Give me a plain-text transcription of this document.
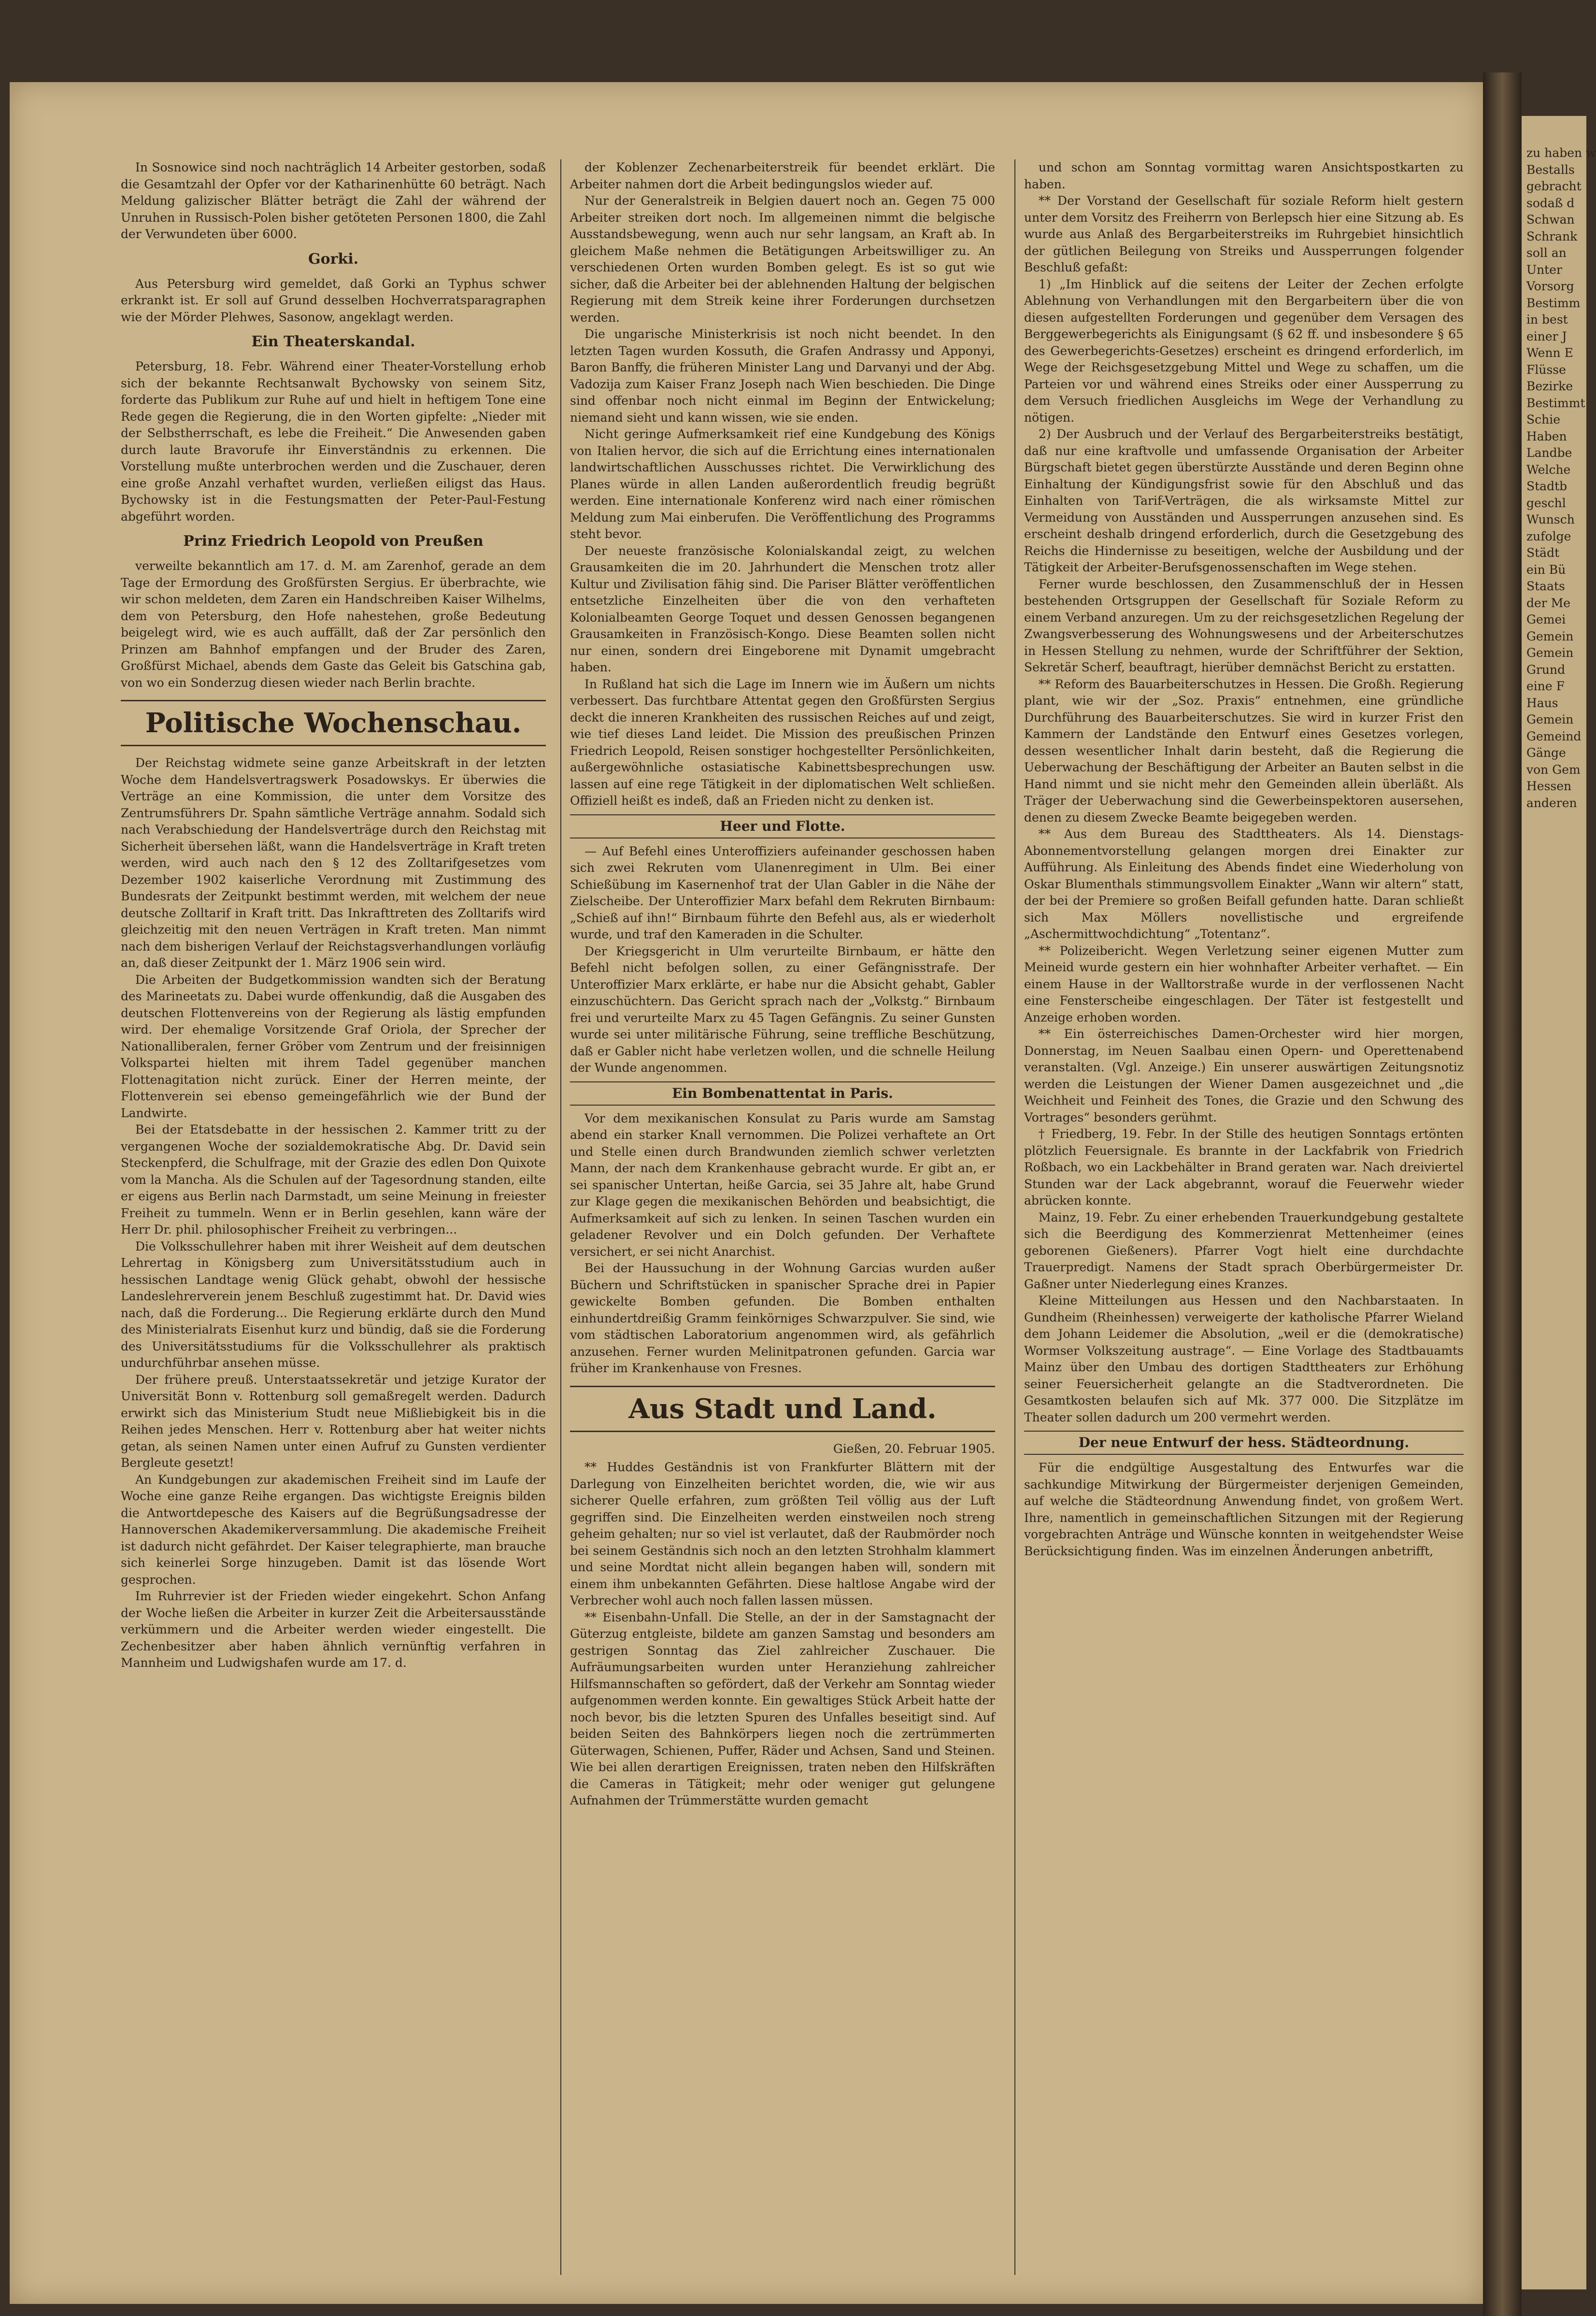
zu haben w

Bestalls

gebracht

sodaß d

Schwan

Schrank

soll an

Unter

Vorsorg

Bestimm

in best

einer J

Wenn E

Flüsse

Bezirke

Bestimmt

Schie

Haben

Landbe

Welche

Stadtb

geschl

Wunsch

zufolge

Städt

ein Bü

Staats

der Me

Gemei

Gemein

Gemein

Grund

eine F

Haus

Gemein

Gemeind

Gänge

von Gem

Hessen

anderen

In Sosnowice sind noch nachträglich 14 Arbeiter gestorben, sodaß die Gesamtzahl der Opfer vor der Katharinenhütte 60 beträgt. Nach Meldung galizischer Blätter beträgt die Zahl der während der Unruhen in Russisch-Polen bisher getöteten Personen 1800, die Zahl der Verwundeten über 6000.

Gorki.

Aus Petersburg wird gemeldet, daß Gorki an Typhus schwer erkrankt ist. Er soll auf Grund desselben Hochverratsparagraphen wie der Mörder Plehwes, Sasonow, angeklagt werden.

Ein Theaterskandal.

Petersburg, 18. Febr. Während einer Theater-Vorstellung erhob sich der bekannte Rechtsanwalt Bychowsky von seinem Sitz, forderte das Publikum zur Ruhe auf und hielt in heftigem Tone eine Rede gegen die Regierung, die in den Worten gipfelte: „Nieder mit der Selbstherrschaft, es lebe die Freiheit.“ Die Anwesenden gaben durch laute Bravorufe ihr Einverständnis zu erkennen. Die Vorstellung mußte unterbrochen werden und die Zuschauer, deren eine große Anzahl verhaftet wurden, verließen eiligst das Haus. Bychowsky ist in die Festungsmatten der Peter-Paul-Festung abgeführt worden.

Prinz Friedrich Leopold von Preußen

verweilte bekanntlich am 17. d. M. am Zarenhof, gerade an dem Tage der Ermordung des Großfürsten Sergius. Er überbrachte, wie wir schon meldeten, dem Zaren ein Handschreiben Kaiser Wilhelms, dem von Petersburg, den Hofe nahestehen, große Bedeutung beigelegt wird, wie es auch auffällt, daß der Zar persönlich den Prinzen am Bahnhof empfangen und der Bruder des Zaren, Großfürst Michael, abends dem Gaste das Geleit bis Gatschina gab, von wo ein Sonderzug diesen wieder nach Berlin brachte.

Politische Wochenschau.

Der Reichstag widmete seine ganze Arbeitskraft in der letzten Woche dem Handelsvertragswerk Posadowskys. Er überwies die Verträge an eine Kommission, die unter dem Vorsitze des Zentrumsführers Dr. Spahn sämtliche Verträge annahm. Sodald sich nach Verabschiedung der Handelsverträge durch den Reichstag mit Sicherheit übersehen läßt, wann die Handelsverträge in Kraft treten werden, wird auch nach den § 12 des Zolltarifgesetzes vom Dezember 1902 kaiserliche Verordnung mit Zustimmung des Bundesrats der Zeitpunkt bestimmt werden, mit welchem der neue deutsche Zolltarif in Kraft tritt. Das Inkrafttreten des Zolltarifs wird gleichzeitig mit den neuen Verträgen in Kraft treten. Man nimmt nach dem bisherigen Verlauf der Reichstagsverhandlungen vorläufig an, daß dieser Zeitpunkt der 1. März 1906 sein wird.

Die Arbeiten der Budgetkommission wandten sich der Beratung des Marineetats zu. Dabei wurde offenkundig, daß die Ausgaben des deutschen Flottenvereins von der Regierung als lästig empfunden wird. Der ehemalige Vorsitzende Graf Oriola, der Sprecher der Nationalliberalen, ferner Gröber vom Zentrum und der freisinnigen Volkspartei hielten mit ihrem Tadel gegenüber manchen Flottenagitation nicht zurück. Einer der Herren meinte, der Flottenverein sei ebenso gemeingefährlich wie der Bund der Landwirte.

Bei der Etatsdebatte in der hessischen 2. Kammer tritt zu der vergangenen Woche der sozialdemokratische Abg. Dr. David sein Steckenpferd, die Schulfrage, mit der Grazie des edlen Don Quixote vom la Mancha. Als die Schulen auf der Tagesordnung standen, eilte er eigens aus Berlin nach Darmstadt, um seine Meinung in freiester Freiheit zu tummeln. Wenn er in Berlin gesehlen, kann wäre der Herr Dr. phil. philosophischer Freiheit zu verbringen...

Die Volksschullehrer haben mit ihrer Weisheit auf dem deutschen Lehrertag in Königsberg zum Universitätsstudium auch in hessischen Landtage wenig Glück gehabt, obwohl der hessische Landeslehrerverein jenem Beschluß zugestimmt hat. Dr. David wies nach, daß die Forderung... Die Regierung erklärte durch den Mund des Ministerialrats Eisenhut kurz und bündig, daß sie die Forderung des Universitätsstudiums für die Volksschullehrer als praktisch undurchführbar ansehen müsse.

Der frühere preuß. Unterstaatssekretär und jetzige Kurator der Universität Bonn v. Rottenburg soll gemaßregelt werden. Dadurch erwirkt sich das Ministerium Studt neue Mißliebigkeit bis in die Reihen jedes Menschen. Herr v. Rottenburg aber hat weiter nichts getan, als seinen Namen unter einen Aufruf zu Gunsten verdienter Bergleute gesetzt!

An Kundgebungen zur akademischen Freiheit sind im Laufe der Woche eine ganze Reihe ergangen. Das wichtigste Ereignis bilden die Antwortdepesche des Kaisers auf die Begrüßungsadresse der Hannoverschen Akademikerversammlung. Die akademische Freiheit ist dadurch nicht gefährdet. Der Kaiser telegraphierte, man brauche sich keinerlei Sorge hinzugeben. Damit ist das lösende Wort gesprochen.

Im Ruhrrevier ist der Frieden wieder eingekehrt. Schon Anfang der Woche ließen die Arbeiter in kurzer Zeit die Arbeitersausstände verkümmern und die Arbeiter werden wieder eingestellt. Die Zechenbesitzer aber haben ähnlich vernünftig verfahren in Mannheim und Ludwigshafen wurde am 17. d.

der Koblenzer Zechenarbeiterstreik für beendet erklärt. Die Arbeiter nahmen dort die Arbeit bedingungslos wieder auf.

Nur der Generalstreik in Belgien dauert noch an. Gegen 75 000 Arbeiter streiken dort noch. Im allgemeinen nimmt die belgische Ausstandsbewegung, wenn auch nur sehr langsam, an Kraft ab. In gleichem Maße nehmen die Betätigungen Arbeitswilliger zu. An verschiedenen Orten wurden Bomben gelegt. Es ist so gut wie sicher, daß die Arbeiter bei der ablehnenden Haltung der belgischen Regierung mit dem Streik keine ihrer Forderungen durchsetzen werden.

Die ungarische Ministerkrisis ist noch nicht beendet. In den letzten Tagen wurden Kossuth, die Grafen Andrassy und Apponyi, Baron Banffy, die früheren Minister Lang und Darvanyi und der Abg. Vadozija zum Kaiser Franz Joseph nach Wien beschieden. Die Dinge sind offenbar noch nicht einmal im Beginn der Entwickelung; niemand sieht und kann wissen, wie sie enden.

Nicht geringe Aufmerksamkeit rief eine Kundgebung des Königs von Italien hervor, die sich auf die Errichtung eines internationalen landwirtschaftlichen Ausschusses richtet. Die Verwirklichung des Planes würde in allen Landen außerordentlich freudig begrüßt werden. Eine internationale Konferenz wird nach einer römischen Meldung zum Mai einberufen. Die Veröffentlichung des Programms steht bevor.

Der neueste französische Kolonialskandal zeigt, zu welchen Grausamkeiten die im 20. Jahrhundert die Menschen trotz aller Kultur und Zivilisation fähig sind. Die Pariser Blätter veröffentlichen entsetzliche Einzelheiten über die von den verhafteten Kolonialbeamten George Toquet und dessen Genossen begangenen Grausamkeiten in Französisch-Kongo. Diese Beamten sollen nicht nur einen, sondern drei Eingeborene mit Dynamit umgebracht haben.

In Rußland hat sich die Lage im Innern wie im Äußern um nichts verbessert. Das furchtbare Attentat gegen den Großfürsten Sergius deckt die inneren Krankheiten des russischen Reiches auf und zeigt, wie tief dieses Land leidet. Die Mission des preußischen Prinzen Friedrich Leopold, Reisen sonstiger hochgestellter Persönlichkeiten, außergewöhnliche ostasiatische Kabinettsbesprechungen usw. lassen auf eine rege Tätigkeit in der diplomatischen Welt schließen. Offiziell heißt es indeß, daß an Frieden nicht zu denken ist.

Heer und Flotte.

— Auf Befehl eines Unteroffiziers aufeinander geschossen haben sich zwei Rekruten vom Ulanenregiment in Ulm. Bei einer Schießübung im Kasernenhof trat der Ulan Gabler in die Nähe der Zielscheibe. Der Unteroffizier Marx befahl dem Rekruten Birnbaum: „Schieß auf ihn!“ Birnbaum führte den Befehl aus, als er wiederholt wurde, und traf den Kameraden in die Schulter.

Der Kriegsgericht in Ulm verurteilte Birnbaum, er hätte den Befehl nicht befolgen sollen, zu einer Gefängnisstrafe. Der Unteroffizier Marx erklärte, er habe nur die Absicht gehabt, Gabler einzuschüchtern. Das Gericht sprach nach der „Volkstg.“ Birnbaum frei und verurteilte Marx zu 45 Tagen Gefängnis. Zu seiner Gunsten wurde sei unter militärische Führung, seine treffliche Beschützung, daß er Gabler nicht habe verletzen wollen, und die schnelle Heilung der Wunde angenommen.

Ein Bombenattentat in Paris.

Vor dem mexikanischen Konsulat zu Paris wurde am Samstag abend ein starker Knall vernommen. Die Polizei verhaftete an Ort und Stelle einen durch Brandwunden ziemlich schwer verletzten Mann, der nach dem Krankenhause gebracht wurde. Er gibt an, er sei spanischer Untertan, heiße Garcia, sei 35 Jahre alt, habe Grund zur Klage gegen die mexikanischen Behörden und beabsichtigt, die Aufmerksamkeit auf sich zu lenken. In seinen Taschen wurden ein geladener Revolver und ein Dolch gefunden. Der Verhaftete versichert, er sei nicht Anarchist.

Bei der Haussuchung in der Wohnung Garcias wurden außer Büchern und Schriftstücken in spanischer Sprache drei in Papier gewickelte Bomben gefunden. Die Bomben enthalten einhundertdreißig Gramm feinkörniges Schwarzpulver. Sie sind, wie vom städtischen Laboratorium angenommen wird, als gefährlich anzusehen. Ferner wurden Melinitpatronen gefunden. Garcia war früher im Krankenhause von Fresnes.

Aus Stadt und Land.
Gießen, 20. Februar 1905.

** Huddes Geständnis ist von Frankfurter Blättern mit der Darlegung von Einzelheiten berichtet worden, die, wie wir aus sicherer Quelle erfahren, zum größten Teil völlig aus der Luft gegriffen sind. Die Einzelheiten werden einstweilen noch streng geheim gehalten; nur so viel ist verlautet, daß der Raubmörder noch bei seinem Geständnis sich noch an den letzten Strohhalm klammert und seine Mordtat nicht allein begangen haben will, sondern mit einem ihm unbekannten Gefährten. Diese haltlose Angabe wird der Verbrecher wohl auch noch fallen lassen müssen.

** Eisenbahn-Unfall. Die Stelle, an der in der Samstagnacht der Güterzug entgleiste, bildete am ganzen Samstag und besonders am gestrigen Sonntag das Ziel zahlreicher Zuschauer. Die Aufräumungsarbeiten wurden unter Heranziehung zahlreicher Hilfsmannschaften so gefördert, daß der Verkehr am Sonntag wieder aufgenommen werden konnte. Ein gewaltiges Stück Arbeit hatte der noch bevor, bis die letzten Spuren des Unfalles beseitigt sind. Auf beiden Seiten des Bahnkörpers liegen noch die zertrümmerten Güterwagen, Schienen, Puffer, Räder und Achsen, Sand und Steinen. Wie bei allen derartigen Ereignissen, traten neben den Hilfskräften die Cameras in Tätigkeit; mehr oder weniger gut gelungene Aufnahmen der Trümmerstätte wurden gemacht

und schon am Sonntag vormittag waren Ansichtspostkarten zu haben.

** Der Vorstand der Gesellschaft für soziale Reform hielt gestern unter dem Vorsitz des Freiherrn von Berlepsch hier eine Sitzung ab. Es wurde aus Anlaß des Bergarbeiterstreiks im Ruhrgebiet hinsichtlich der gütlichen Beilegung von Streiks und Aussperrungen folgender Beschluß gefaßt:

1) „Im Hinblick auf die seitens der Leiter der Zechen erfolgte Ablehnung von Verhandlungen mit den Bergarbeitern über die von diesen aufgestellten Forderungen und gegenüber dem Versagen des Berggewerbegerichts als Einigungsamt (§ 62 ff. und insbesondere § 65 des Gewerbegerichts-Gesetzes) erscheint es dringend erforderlich, im Wege der Reichsgesetzgebung Mittel und Wege zu schaffen, um die Parteien vor und während eines Streiks oder einer Aussperrung zu dem Versuch friedlichen Ausgleichs im Wege der Verhandlung zu nötigen.

2) Der Ausbruch und der Verlauf des Bergarbeiterstreiks bestätigt, daß nur eine kraftvolle und umfassende Organisation der Arbeiter Bürgschaft bietet gegen überstürzte Ausstände und deren Beginn ohne Einhaltung der Kündigungsfrist sowie für den Abschluß und das Einhalten von Tarif-Verträgen, die als wirksamste Mittel zur Vermeidung von Ausständen und Aussperrungen anzusehen sind. Es erscheint deshalb dringend erforderlich, durch die Gesetzgebung des Reichs die Hindernisse zu beseitigen, welche der Ausbildung und der Tätigkeit der Arbeiter-Berufsgenossenschaften im Wege stehen.

Ferner wurde beschlossen, den Zusammenschluß der in Hessen bestehenden Ortsgruppen der Gesellschaft für Soziale Reform zu einem Verband anzuregen. Um zu der reichsgesetzlichen Regelung der Zwangsverbesserung des Wohnungswesens und der Arbeiterschutzes in Hessen Stellung zu nehmen, wurde der Schriftführer der Sektion, Sekretär Scherf, beauftragt, hierüber demnächst Bericht zu erstatten.

** Reform des Bauarbeiterschutzes in Hessen. Die Großh. Regierung plant, wie wir der „Soz. Praxis“ entnehmen, eine gründliche Durchführung des Bauarbeiterschutzes. Sie wird in kurzer Frist den Kammern der Landstände den Entwurf eines Gesetzes vorlegen, dessen wesentlicher Inhalt darin besteht, daß die Regierung die Ueberwachung der Beschäftigung der Arbeiter an Bauten selbst in die Hand nimmt und sie nicht mehr den Gemeinden allein überläßt. Als Träger der Ueberwachung sind die Gewerbeinspektoren ausersehen, denen zu diesem Zwecke Beamte beigegeben werden.

** Aus dem Bureau des Stadttheaters. Als 14. Dienstags-Abonnementvorstellung gelangen morgen drei Einakter zur Aufführung. Als Einleitung des Abends findet eine Wiederholung von Oskar Blumenthals stimmungsvollem Einakter „Wann wir altern“ statt, der bei der Premiere so großen Beifall gefunden hatte. Daran schließt sich Max Möllers novellistische und ergreifende „Aschermittwochdichtung“ „Totentanz“.

** Polizeibericht. Wegen Verletzung seiner eigenen Mutter zum Meineid wurde gestern ein hier wohnhafter Arbeiter verhaftet. — Ein einem Hause in der Walltorstraße wurde in der verflossenen Nacht eine Fensterscheibe eingeschlagen. Der Täter ist festgestellt und Anzeige erhoben worden.

** Ein österreichisches Damen-Orchester wird hier morgen, Donnerstag, im Neuen Saalbau einen Opern- und Operettenabend veranstalten. (Vgl. Anzeige.) Ein unserer auswärtigen Zeitungsnotiz werden die Leistungen der Wiener Damen ausgezeichnet und „die Weichheit und Feinheit des Tones, die Grazie und den Schwung des Vortrages“ besonders gerühmt.

† Friedberg, 19. Febr. In der Stille des heutigen Sonntags ertönten plötzlich Feuersignale. Es brannte in der Lackfabrik von Friedrich Roßbach, wo ein Lackbehälter in Brand geraten war. Nach dreiviertel Stunden war der Lack abgebrannt, worauf die Feuerwehr wieder abrücken konnte.

Mainz, 19. Febr. Zu einer erhebenden Trauerkundgebung gestaltete sich die Beerdigung des Kommerzienrat Mettenheimer (eines geborenen Gießeners). Pfarrer Vogt hielt eine durchdachte Trauerpredigt. Namens der Stadt sprach Oberbürgermeister Dr. Gaßner unter Niederlegung eines Kranzes.

Kleine Mitteilungen aus Hessen und den Nachbarstaaten. In Gundheim (Rheinhessen) verweigerte der katholische Pfarrer Wieland dem Johann Leidemer die Absolution, „weil er die (demokratische) Wormser Volkszeitung austrage“. — Eine Vorlage des Stadtbauamts Mainz über den Umbau des dortigen Stadttheaters zur Erhöhung seiner Feuersicherheit gelangte an die Stadtverordneten. Die Gesamtkosten belaufen sich auf Mk. 377 000. Die Sitzplätze im Theater sollen dadurch um 200 vermehrt werden.

Der neue Entwurf der hess. Städteordnung.

Für die endgültige Ausgestaltung des Entwurfes war die sachkundige Mitwirkung der Bürgermeister derjenigen Gemeinden, auf welche die Städteordnung Anwendung findet, von großem Wert. Ihre, namentlich in gemeinschaftlichen Sitzungen mit der Regierung vorgebrachten Anträge und Wünsche konnten in weitgehendster Weise Berücksichtigung finden. Was im einzelnen Änderungen anbetrifft,
